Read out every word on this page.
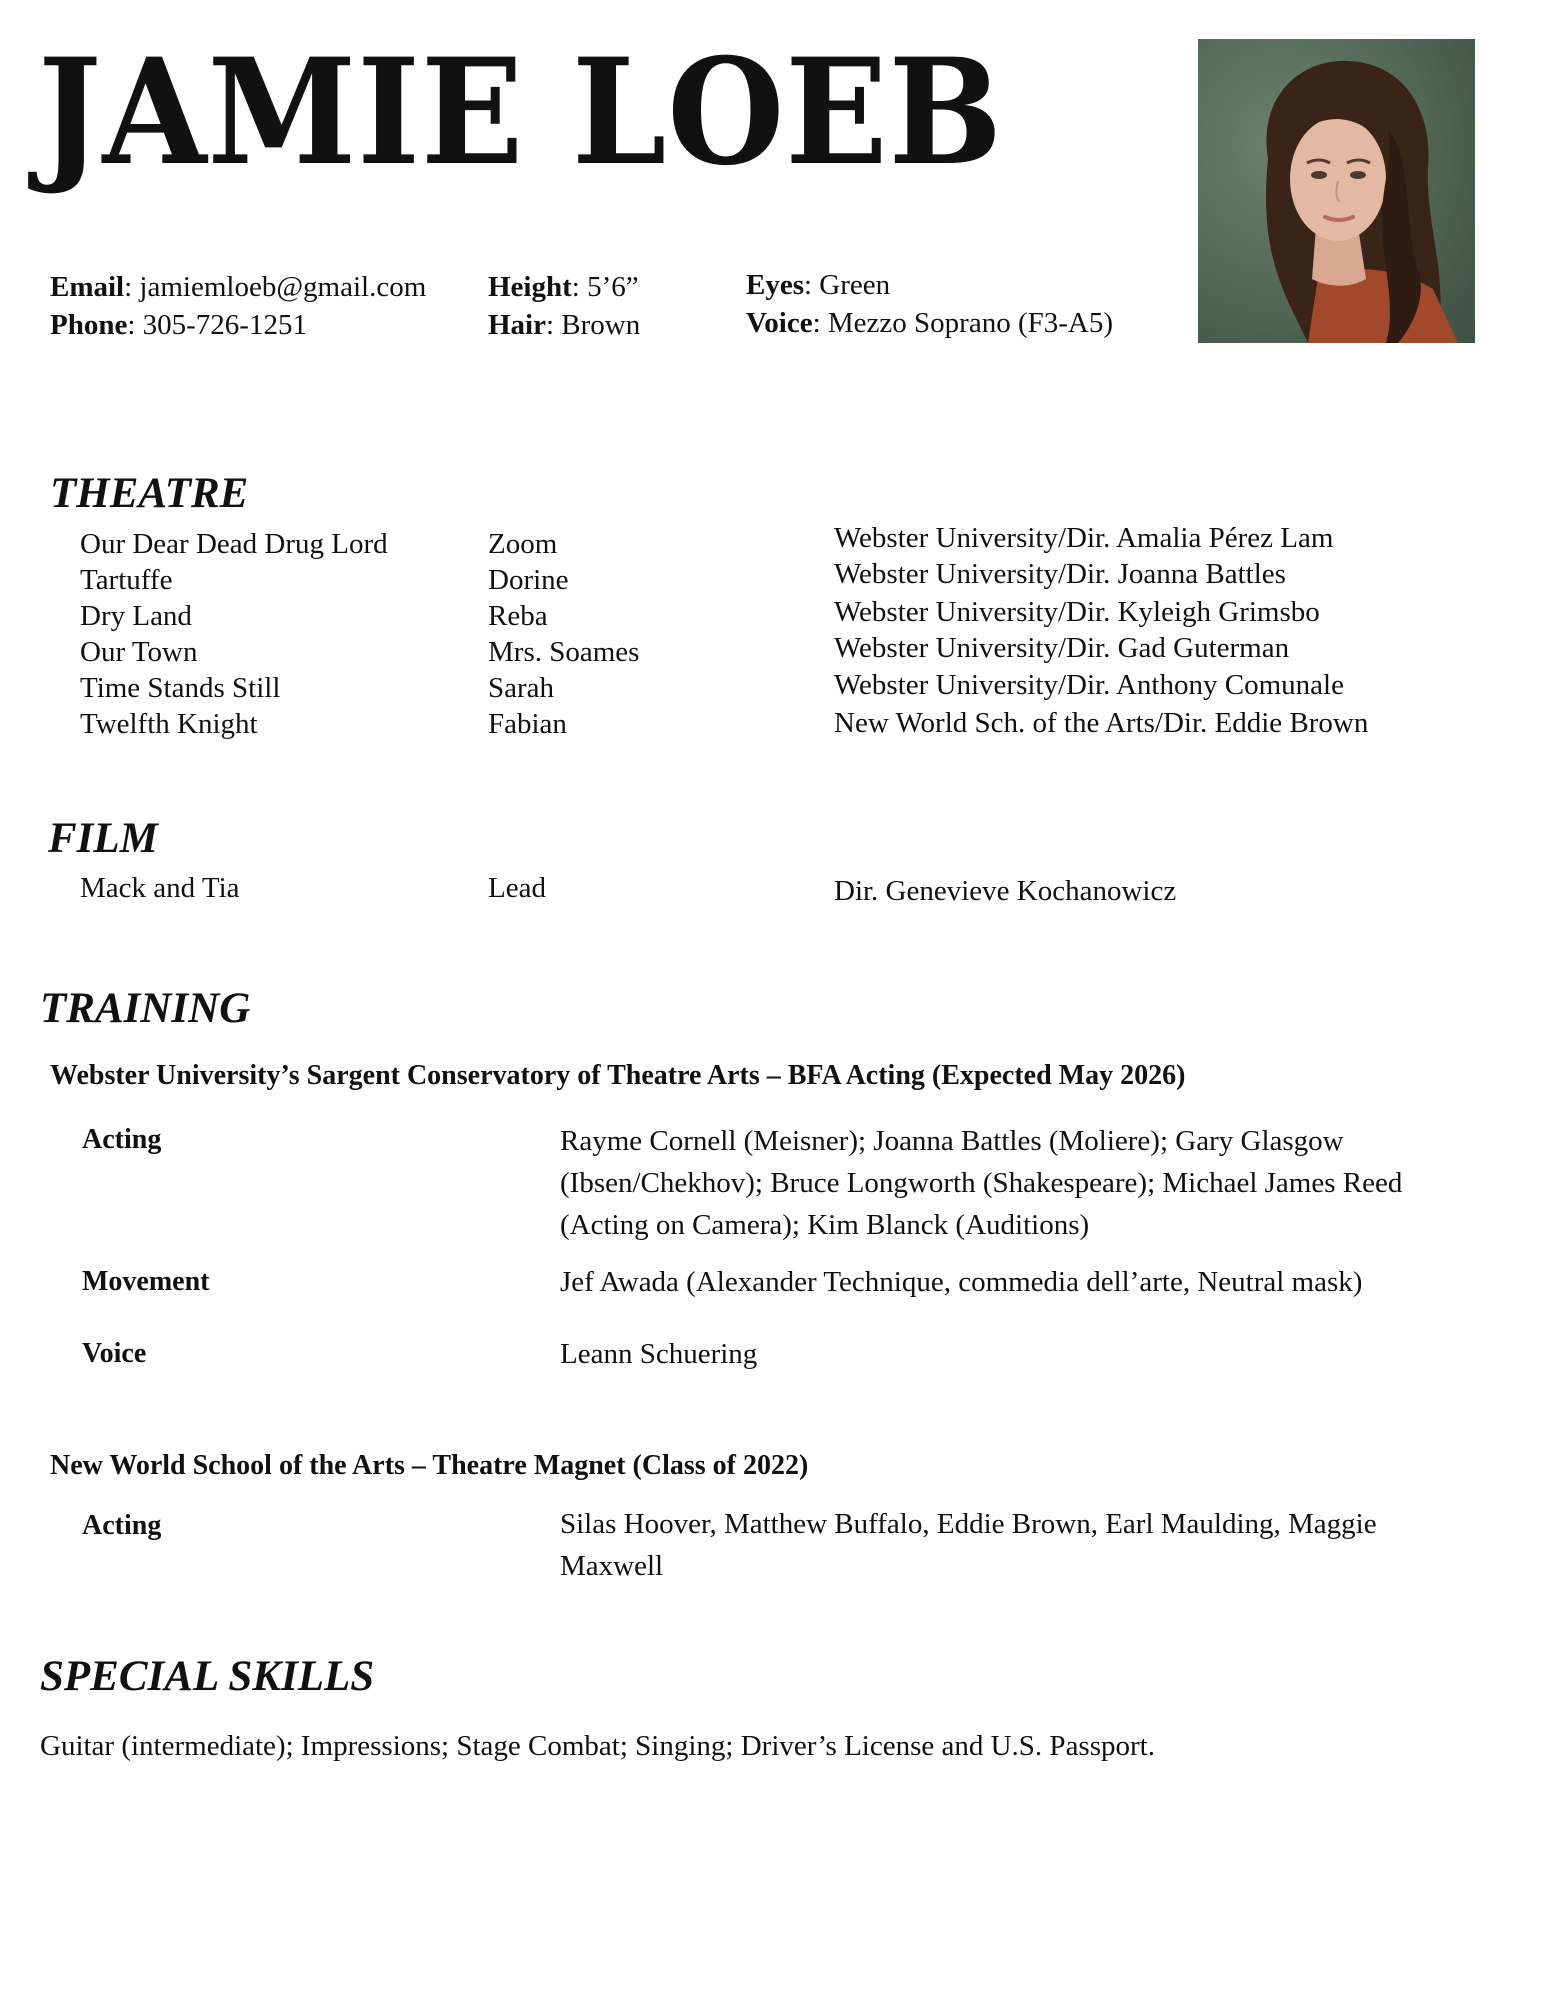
JAMIE LOEB
Email: jamiemloeb@gmail.com
Phone: 305-726-1251
Height: 5’6”
Hair: Brown
Eyes: Green
Voice: Mezzo Soprano (F3-A5)
THEATRE
Our Dear Dead Drug Lord	Zoom	Webster University/Dir. Amalia Pérez Lam
Tartuffe	Dorine	Webster University/Dir. Joanna Battles
Dry Land	Reba	Webster University/Dir. Kyleigh Grimsbo
Our Town	Mrs. Soames	Webster University/Dir. Gad Guterman
Time Stands Still	Sarah	Webster University/Dir. Anthony Comunale
Twelfth Knight	Fabian	New World Sch. of the Arts/Dir. Eddie Brown
FILM
Mack and Tia	Lead	Dir. Genevieve Kochanowicz
TRAINING
Webster University’s Sargent Conservatory of Theatre Arts – BFA Acting (Expected May 2026)
Acting	Rayme Cornell (Meisner); Joanna Battles (Moliere); Gary Glasgow (Ibsen/Chekhov); Bruce Longworth (Shakespeare); Michael James Reed (Acting on Camera); Kim Blanck (Auditions)
Movement	Jef Awada (Alexander Technique, commedia dell’arte, Neutral mask)
Voice	Leann Schuering
New World School of the Arts – Theatre Magnet (Class of 2022)
Acting	Silas Hoover, Matthew Buffalo, Eddie Brown, Earl Maulding, Maggie Maxwell
SPECIAL SKILLS
Guitar (intermediate); Impressions; Stage Combat; Singing; Driver’s License and U.S. Passport.
